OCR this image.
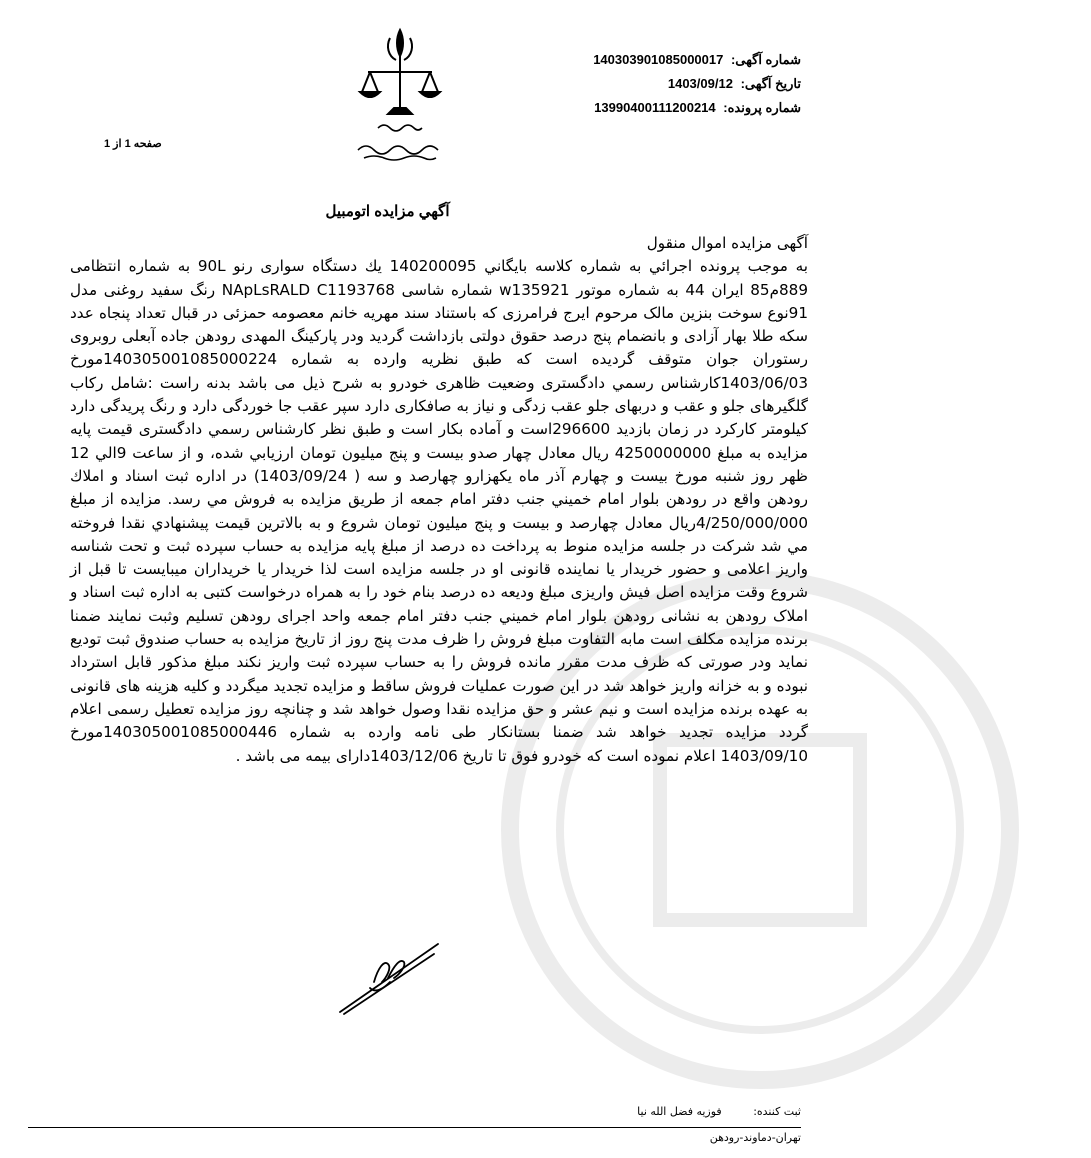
شماره آگهی: 140303901085000017
تاریخ آگهی: 1403/09/12
شماره پرونده: 13990400111200214
صفحه 1 از 1
آگهي مزايده اتومبيل
آگهی مزایده اموال منقول
به موجب پرونده اجرائي به شماره كلاسه بايگاني 140200095 يك دستگاه سواری رنو 90L به شماره انتظامی 889م85 ايران 44 به شماره موتور w135921 شماره شاسی NApLsRALD C1193768 رنگ سفيد روغنی مدل 91نوع سوخت بنزين مالک مرحوم ايرج فرامرزی که باستناد سند مهريه خانم معصومه حمزئی در قبال تعداد پنجاه عدد سکه طلا بهار آزادی و بانضمام پنج درصد حقوق دولتی بازداشت گرديد ودر پارکينگ المهدی رودهن جاده آبعلی روبروی رستوران جوان متوقف گرديده است که طبق نظريه وارده به شماره 140305001085000224مورخ 1403/06/03کارشناس رسمي دادگستری وضعيت ظاهری خودرو به شرح ذيل می باشد بدنه راست :شامل رکاب گلگيرهای جلو و عقب و دربهای جلو عقب زدگی و نياز به صافکاری دارد سپر عقب جا خوردگی دارد و رنگ پريدگی دارد کيلومتر کارکرد در زمان بازديد 296600است و آماده بکار است و طبق نظر کارشناس رسمي دادگستری قيمت پايه مزايده به مبلغ 4250000000 ريال معادل چهار صدو بيست و پنج ميليون تومان ارزيابي شده، و از ساعت 9الي 12 ظهر روز شنبه مورخ بيست و چهارم آذر ماه يکهزارو چهارصد و سه ( 1403/09/24) در اداره ثبت اسناد و املاك رودهن واقع در رودهن بلوار امام خميني جنب دفتر امام جمعه از طريق مزايده به فروش مي رسد. مزايده از مبلغ 4/250/000/000ريال معادل چهارصد و بيست و پنج ميليون تومان شروع و به بالاترين قيمت پيشنهادي نقدا فروخته مي شد شركت در جلسه مزايده منوط به پرداخت ده درصد از مبلغ پايه مزايده به حساب سپرده ثبت و تحت شناسه واريز اعلامی و حضور خريدار يا نماينده قانونی او در جلسه مزايده است لذا خريدار يا خريداران ميبايست تا قبل از شروع وقت مزايده اصل فيش واريزی مبلغ وديعه ده درصد بنام خود را به همراه درخواست کتبی به اداره ثبت اسناد و املاک رودهن به نشانی رودهن بلوار امام خميني جنب دفتر امام جمعه واحد اجرای رودهن تسليم وثبت نمايند ضمنا برنده مزايده مکلف است مابه التفاوت مبلغ فروش را ظرف مدت پنج روز از تاريخ مزايده به حساب صندوق ثبت توديع نمايد ودر صورتی که ظرف مدت مقرر مانده فروش را به حساب سپرده ثبت واريز نکند مبلغ مذکور قابل استرداد نبوده و به خزانه واريز خواهد شد در اين صورت عمليات فروش ساقط و مزايده تجديد ميگردد و کليه هزينه های قانونی به عهده برنده مزايده است و نيم عشر و حق مزايده نقدا وصول خواهد شد و چنانچه روز مزايده تعطيل رسمی اعلام گردد مزايده تجديد خواهد شد ضمنا بستانکار طی نامه وارده به شماره 140305001085000446مورخ 1403/09/10 اعلام نموده است که خودرو فوق تا تاريخ 1403/12/06دارای بيمه می باشد .
ثبت كننده: فوزيه فضل الله نيا
تهران-دماوند-رودهن
